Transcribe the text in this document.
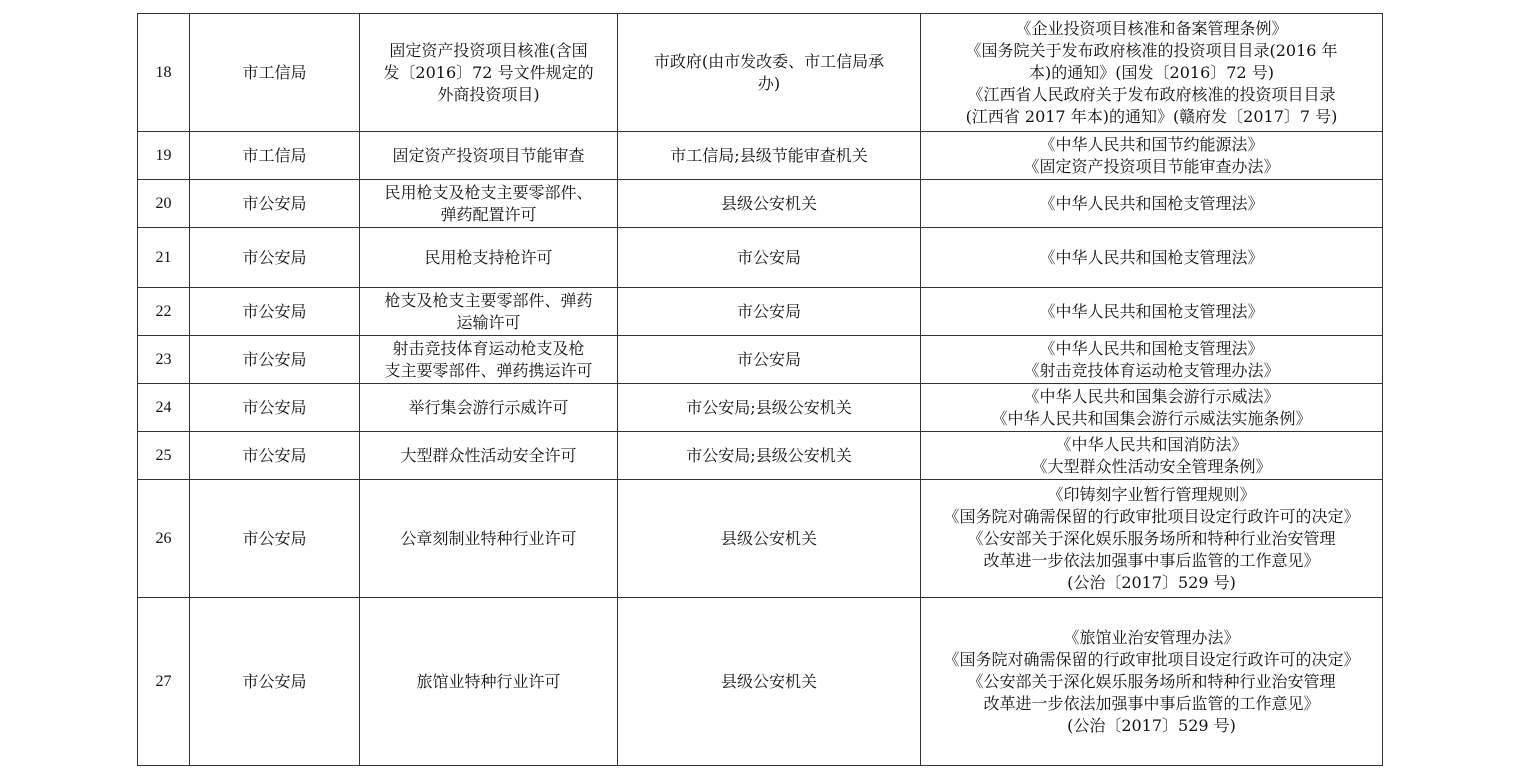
18	市工信局	固定资产投资项目核准(含国
发〔2016〕72 号文件规定的
外商投资项目)	市政府(由市发改委、市工信局承
办)	《企业投资项目核准和备案管理条例》
《国务院关于发布政府核准的投资项目目录(2016 年
本)的通知》(国发〔2016〕72 号)
《江西省人民政府关于发布政府核准的投资项目目录
(江西省 2017 年本)的通知》(赣府发〔2017〕7 号)

19	市工信局	固定资产投资项目节能审查	市工信局;县级节能审查机关	《中华人民共和国节约能源法》
《固定资产投资项目节能审查办法》

20	市公安局	民用枪支及枪支主要零部件、
弹药配置许可	县级公安机关	《中华人民共和国枪支管理法》

21	市公安局	民用枪支持枪许可	市公安局	《中华人民共和国枪支管理法》

22	市公安局	枪支及枪支主要零部件、弹药
运输许可	市公安局	《中华人民共和国枪支管理法》

23	市公安局	射击竞技体育运动枪支及枪
支主要零部件、弹药携运许可	市公安局	《中华人民共和国枪支管理法》
《射击竞技体育运动枪支管理办法》

24	市公安局	举行集会游行示威许可	市公安局;县级公安机关	《中华人民共和国集会游行示威法》
《中华人民共和国集会游行示威法实施条例》

25	市公安局	大型群众性活动安全许可	市公安局;县级公安机关	《中华人民共和国消防法》
《大型群众性活动安全管理条例》

26	市公安局	公章刻制业特种行业许可	县级公安机关	《印铸刻字业暂行管理规则》
《国务院对确需保留的行政审批项目设定行政许可的决定》
《公安部关于深化娱乐服务场所和特种行业治安管理
改革进一步依法加强事中事后监管的工作意见》
(公治〔2017〕529 号)

27	市公安局	旅馆业特种行业许可	县级公安机关	《旅馆业治安管理办法》
《国务院对确需保留的行政审批项目设定行政许可的决定》
《公安部关于深化娱乐服务场所和特种行业治安管理
改革进一步依法加强事中事后监管的工作意见》
(公治〔2017〕529 号)
